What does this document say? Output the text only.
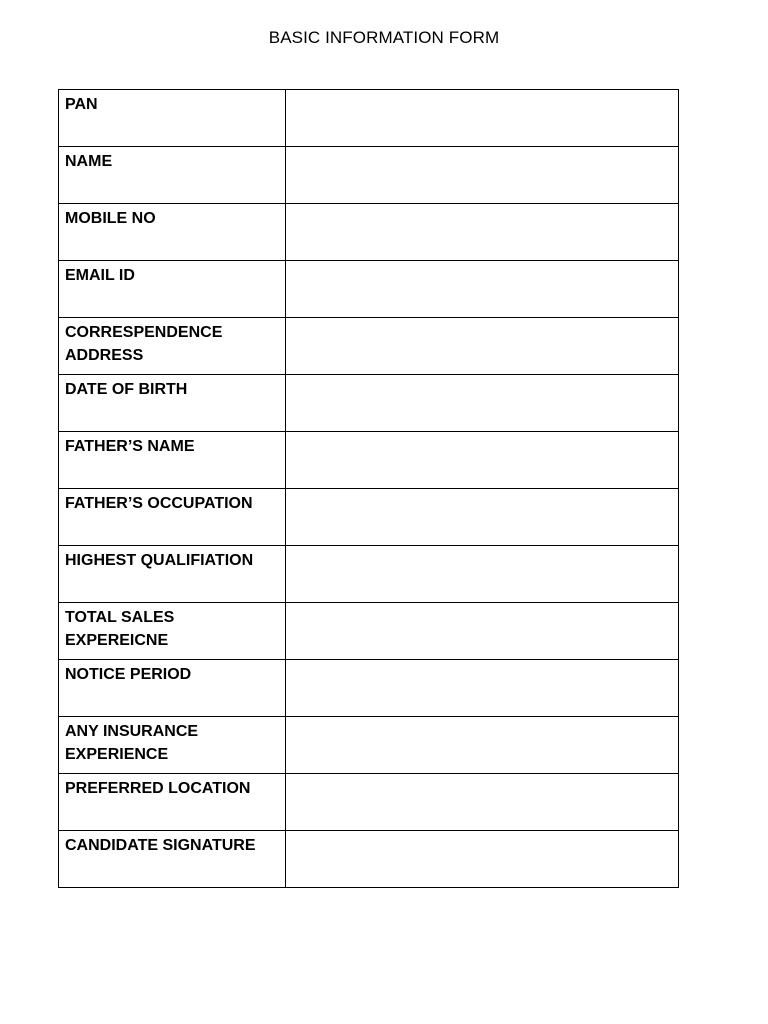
BASIC INFORMATION FORM
PAN	

NAME	

MOBILE NO	

EMAIL ID	

CORRESPENDENCE
ADDRESS	

DATE OF BIRTH	

FATHER’S NAME	

FATHER’S OCCUPATION	

HIGHEST QUALIFIATION	

TOTAL SALES
EXPEREICNE	

NOTICE PERIOD	

ANY INSURANCE
EXPERIENCE	

PREFERRED LOCATION	

CANDIDATE SIGNATURE	
